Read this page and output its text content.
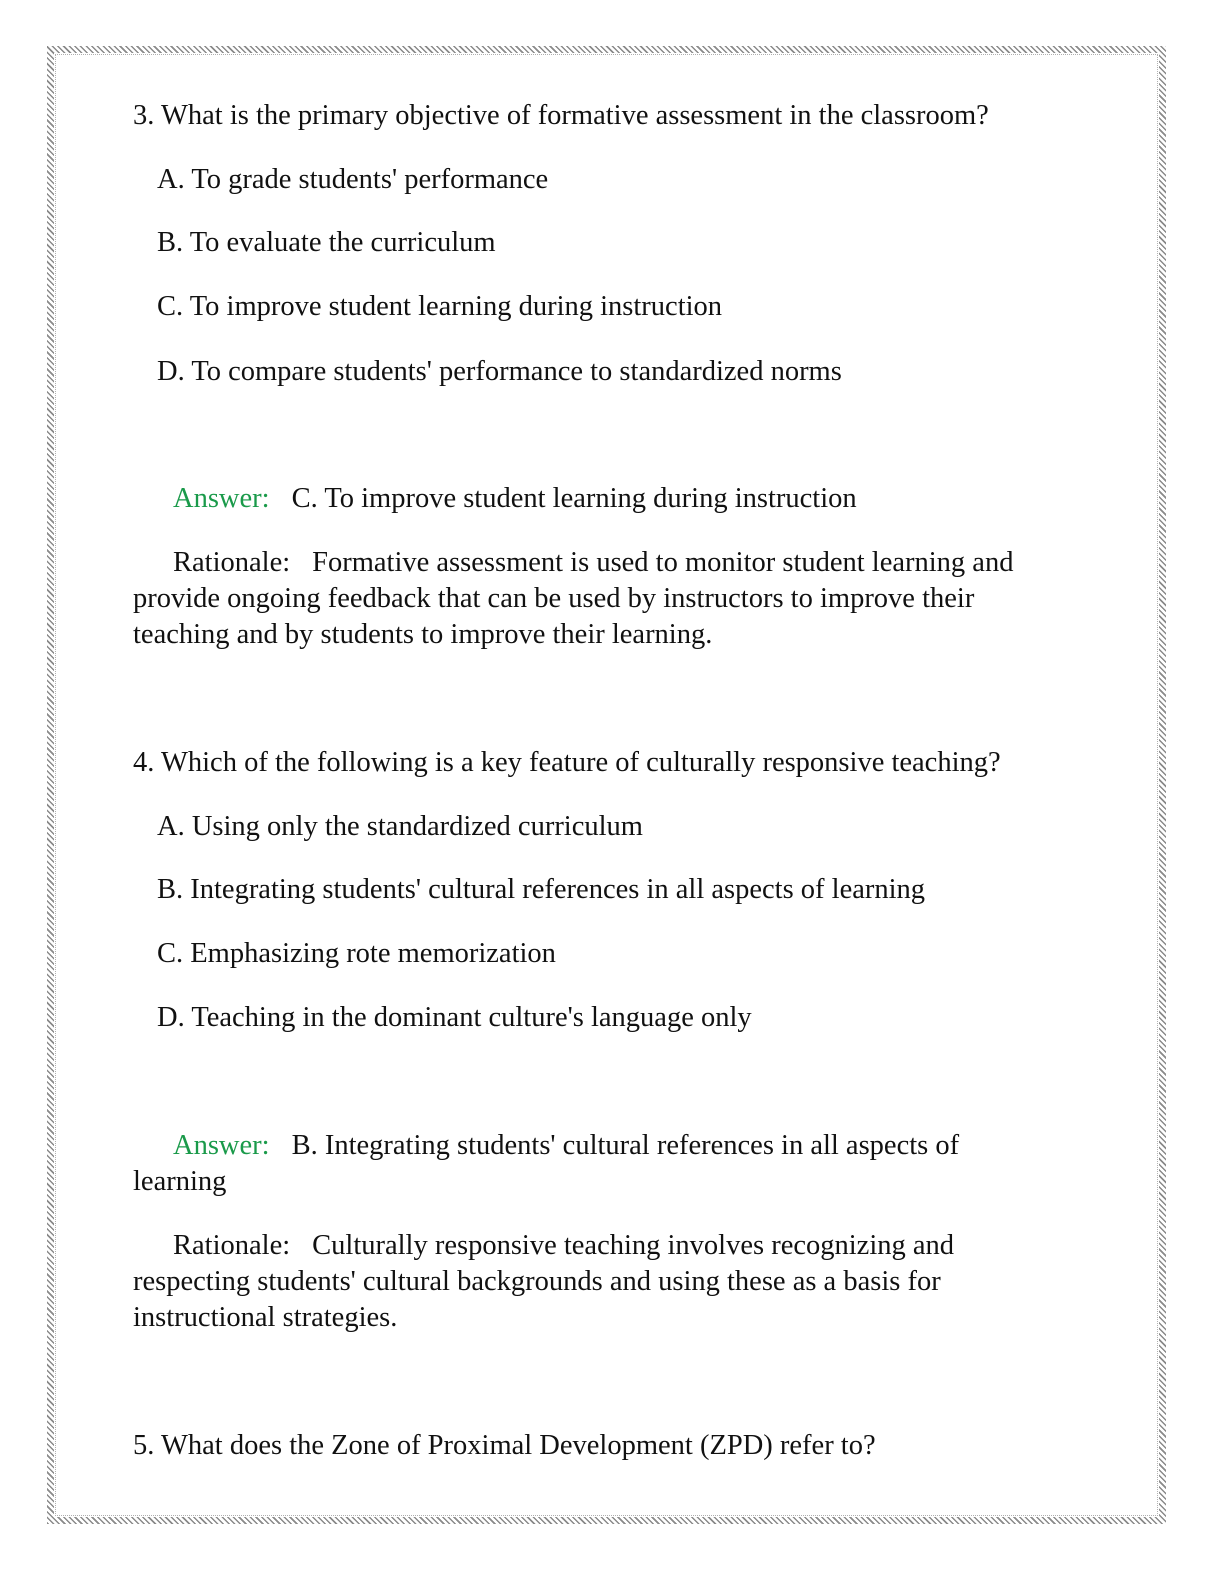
3. What is the primary objective of formative assessment in the classroom?
A. To grade students' performance
B. To evaluate the curriculum
C. To improve student learning during instruction
D. To compare students' performance to standardized norms
Answer: C. To improve student learning during instruction
Rationale: Formative assessment is used to monitor student learning and provide ongoing feedback that can be used by instructors to improve their teaching and by students to improve their learning.
4. Which of the following is a key feature of culturally responsive teaching?
A. Using only the standardized curriculum
B. Integrating students' cultural references in all aspects of learning
C. Emphasizing rote memorization
D. Teaching in the dominant culture's language only
Answer: B. Integrating students' cultural references in all aspects of learning
Rationale: Culturally responsive teaching involves recognizing and respecting students' cultural backgrounds and using these as a basis for instructional strategies.
5. What does the Zone of Proximal Development (ZPD) refer to?
